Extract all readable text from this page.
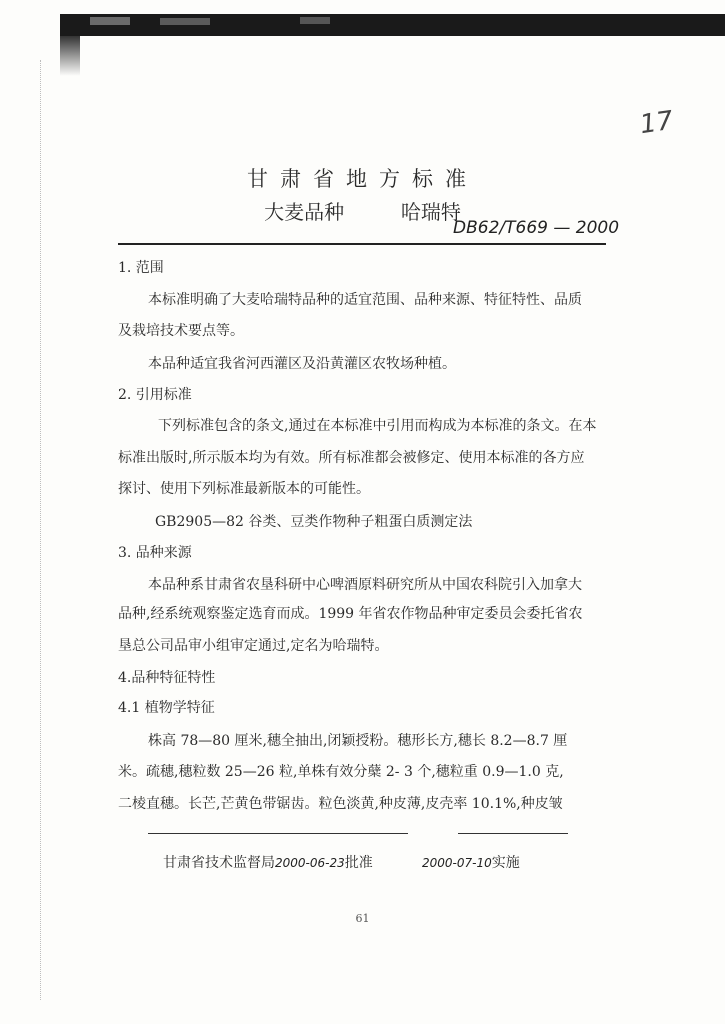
17
甘肃省地方标准
大麦品种	哈瑞特
DB62/T669 — 2000
1. 范围
本标准明确了大麦哈瑞特品种的适宜范围、品种来源、特征特性、品质
及栽培技术要点等。
本品种适宜我省河西灌区及沿黄灌区农牧场种植。
2. 引用标准
下列标准包含的条文,通过在本标准中引用而构成为本标准的条文。在本
标准出版时,所示版本均为有效。所有标准都会被修定、使用本标准的各方应
探讨、使用下列标准最新版本的可能性。
GB2905—82 谷类、豆类作物种子粗蛋白质测定法
3. 品种来源
本品种系甘肃省农垦科研中心啤酒原料研究所从中国农科院引入加拿大
品种,经系统观察鉴定选育而成。1999 年省农作物品种审定委员会委托省农
垦总公司品审小组审定通过,定名为哈瑞特。
4.品种特征特性
4.1 植物学特征
株高 78—80 厘米,穗全抽出,闭颖授粉。穗形长方,穗长 8.2—8.7 厘
米。疏穗,穗粒数 25—26 粒,单株有效分蘖 2- 3 个,穗粒重 0.9—1.0 克,
二棱直穗。长芒,芒黄色带锯齿。粒色淡黄,种皮薄,皮壳率 10.1%,种皮皱
甘肃省技术监督局2000-06-23批准	2000-07-10实施
61
